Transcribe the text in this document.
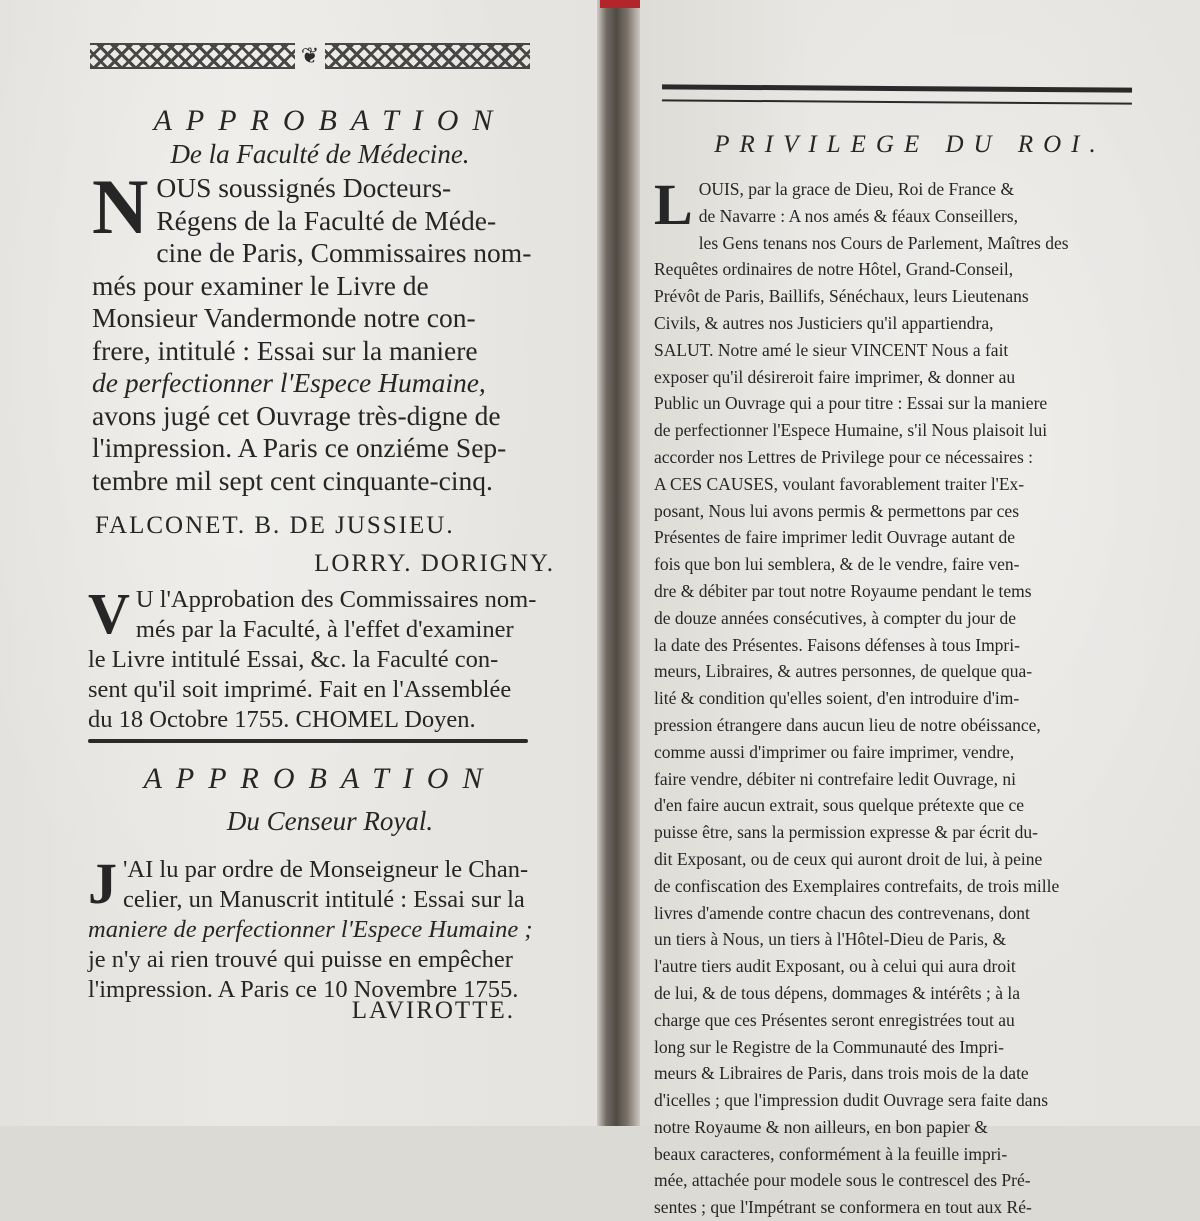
❦
APPROBATION
De la Faculté de Médecine.
N OUS soussignés Docteurs-
Régens de la Faculté de Méde-
cine de Paris, Commissaires nom-
més pour examiner le Livre de
Monsieur Vandermonde notre con-
frere, intitulé : Essai sur la maniere
de perfectionner l'Espece Humaine,
avons jugé cet Ouvrage très-digne de
l'impression. A Paris ce onziéme Sep-
tembre mil sept cent cinquante-cinq.
FALCONET. B. DE JUSSIEU.
LORRY. DORIGNY.
V U l'Approbation des Commissaires nom-
més par la Faculté, à l'effet d'examiner
le Livre intitulé Essai, &c. la Faculté con-
sent qu'il soit imprimé. Fait en l'Assemblée
du 18 Octobre 1755. CHOMEL Doyen.
APPROBATION
Du Censeur Royal.
J 'AI lu par ordre de Monseigneur le Chan-
celier, un Manuscrit intitulé : Essai sur la
maniere de perfectionner l'Espece Humaine ;
je n'y ai rien trouvé qui puisse en empêcher
l'impression. A Paris ce 10 Novembre 1755.
LAVIROTTE.
PRIVILEGE DU ROI.
L OUIS, par la grace de Dieu, Roi de France &
de Navarre : A nos amés & féaux Conseillers,
les Gens tenans nos Cours de Parlement, Maîtres des
Requêtes ordinaires de notre Hôtel, Grand-Conseil,
Prévôt de Paris, Baillifs, Sénéchaux, leurs Lieutenans
Civils, & autres nos Justiciers qu'il appartiendra,
SALUT. Notre amé le sieur VINCENT Nous a fait
exposer qu'il désireroit faire imprimer, & donner au
Public un Ouvrage qui a pour titre : Essai sur la maniere
de perfectionner l'Espece Humaine, s'il Nous plaisoit lui
accorder nos Lettres de Privilege pour ce nécessaires :
A CES CAUSES, voulant favorablement traiter l'Ex-
posant, Nous lui avons permis & permettons par ces
Présentes de faire imprimer ledit Ouvrage autant de
fois que bon lui semblera, & de le vendre, faire ven-
dre & débiter par tout notre Royaume pendant le tems
de douze années consécutives, à compter du jour de
la date des Présentes. Faisons défenses à tous Impri-
meurs, Libraires, & autres personnes, de quelque qua-
lité & condition qu'elles soient, d'en introduire d'im-
pression étrangere dans aucun lieu de notre obéissance,
comme aussi d'imprimer ou faire imprimer, vendre,
faire vendre, débiter ni contrefaire ledit Ouvrage, ni
d'en faire aucun extrait, sous quelque prétexte que ce
puisse être, sans la permission expresse & par écrit du-
dit Exposant, ou de ceux qui auront droit de lui, à peine
de confiscation des Exemplaires contrefaits, de trois mille
livres d'amende contre chacun des contrevenans, dont
un tiers à Nous, un tiers à l'Hôtel-Dieu de Paris, &
l'autre tiers audit Exposant, ou à celui qui aura droit
de lui, & de tous dépens, dommages & intérêts ; à la
charge que ces Présentes seront enregistrées tout au
long sur le Registre de la Communauté des Impri-
meurs & Libraires de Paris, dans trois mois de la date
d'icelles ; que l'impression dudit Ouvrage sera faite dans
notre Royaume & non ailleurs, en bon papier &
beaux caracteres, conformément à la feuille impri-
mée, attachée pour modele sous le contrescel des Pré-
sentes ; que l'Impétrant se conformera en tout aux Ré-
